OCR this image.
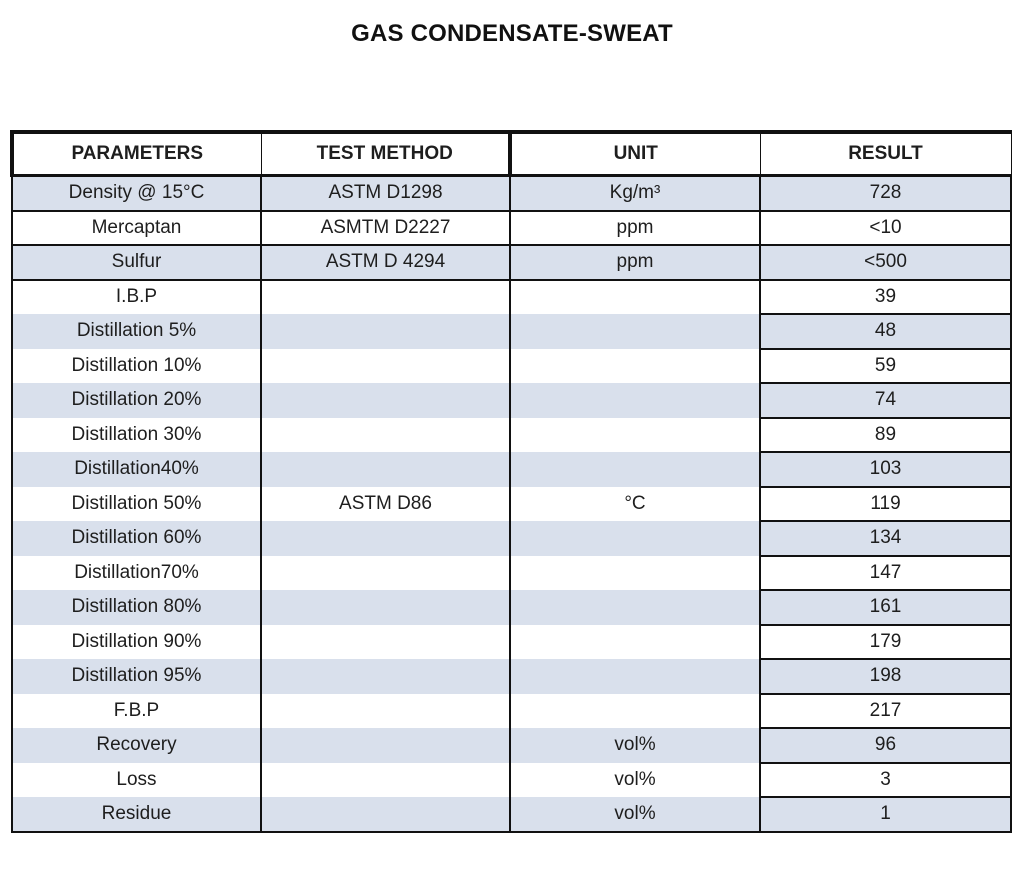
GAS CONDENSATE-SWEAT
PARAMETERS	TEST METHOD	UNIT	RESULT
Density @ 15°C	ASTM D1298	Kg/m³	728
Mercaptan	ASMTM D2227	ppm	<10
Sulfur	ASTM D 4294	ppm	<500
I.B.P			39
Distillation 5%			48
Distillation 10%			59
Distillation 20%			74
Distillation 30%			89
Distillation40%			103
Distillation 50%	ASTM D86	°C	119
Distillation 60%			134
Distillation70%			147
Distillation 80%			161
Distillation 90%			179
Distillation 95%			198
F.B.P			217
Recovery		vol%	96
Loss		vol%	3
Residue		vol%	1
